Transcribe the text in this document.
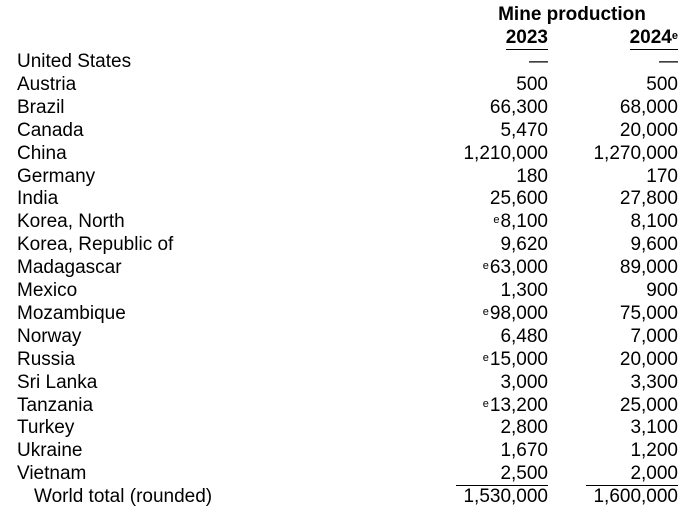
Mine production
2023	2024e
United States	—	—
Austria	500	500
Brazil	66,300	68,000
Canada	5,470	20,000
China	1,210,000 1,270,000
Germany	180	170
India	25,600	27,800
Korea, North	$^e$8,100	8,100
Korea, Republic of	9,620	9,600
Madagascar	$^e$63,000	89,000
Mexico	1,300	900
Mozambique	$^e$98,000	75,000
Norway	6,480	7,000
Russia	$^e$15,000	20,000
Sri Lanka	3,000	3,300
Tanzania	$^e$13,200	25,000
Turkey	2,800	3,100
Ukraine	1,670	1,200
Vietnam	2,500	2,000
World total (rounded)	1,530,000 1,600,000
